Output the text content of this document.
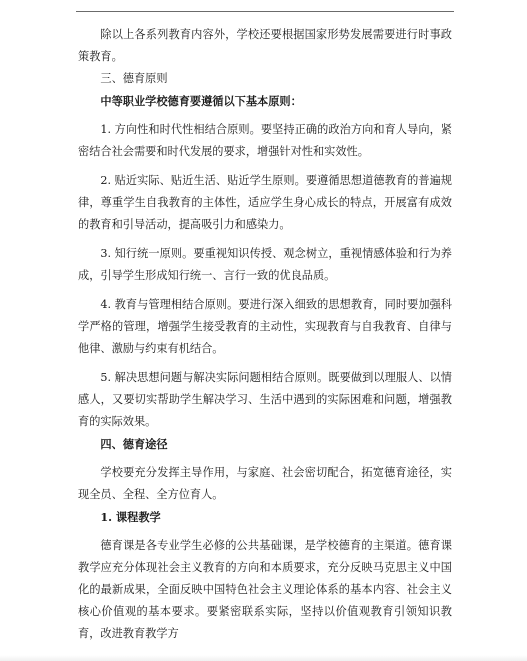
除以上各系列教育内容外，学校还要根据国家形势发展需要进行时事政策教育。

三、德育原则

中等职业学校德育要遵循以下基本原则：

1. 方向性和时代性相结合原则。要坚持正确的政治方向和育人导向，紧密结合社会需要和时代发展的要求，增强针对性和实效性。

2. 贴近实际、贴近生活、贴近学生原则。要遵循思想道德教育的普遍规律，尊重学生自我教育的主体性，适应学生身心成长的特点，开展富有成效的教育和引导活动，提高吸引力和感染力。

3. 知行统一原则。要重视知识传授、观念树立，重视情感体验和行为养成，引导学生形成知行统一、言行一致的优良品质。

4. 教育与管理相结合原则。要进行深入细致的思想教育，同时要加强科学严格的管理，增强学生接受教育的主动性，实现教育与自我教育、自律与他律、激励与约束有机结合。

5. 解决思想问题与解决实际问题相结合原则。既要做到以理服人、以情感人，又要切实帮助学生解决学习、生活中遇到的实际困难和问题，增强教育的实际效果。

四、德育途径

学校要充分发挥主导作用，与家庭、社会密切配合，拓宽德育途径，实现全员、全程、全方位育人。

1. 课程教学

德育课是各专业学生必修的公共基础课，是学校德育的主渠道。德育课教学应充分体现社会主义教育的方向和本质要求，充分反映马克思主义中国化的最新成果，全面反映中国特色社会主义理论体系的基本内容、社会主义核心价值观的基本要求。要紧密联系实际，坚持以价值观教育引领知识教育，改进教育教学方
